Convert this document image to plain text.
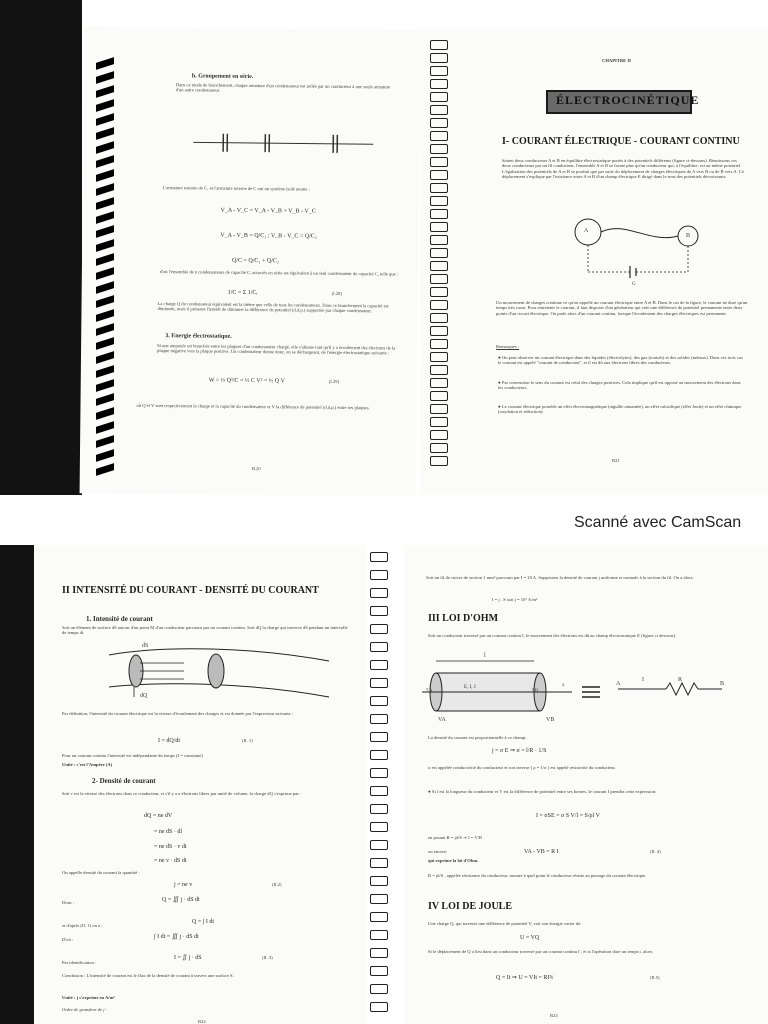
b. Groupement en série.
Dans ce mode de branchement, chaque armature d'un condensateur est reliée par un conducteur à une seule armature d'un autre condensateur.
L'armature externe de C₁ et l'armature interne de C ont un système isolé neutre :
V_A - V_C = V_A - V_B + V_B - V_C
V_A - V_B = Q/C₁ ; V_B - V_C = Q/C₂
Q/C = Q/C₁ + Q/C₂
d'où l'ensemble de n condensateurs de capacité Cᵢ associés en série est équivalent à un seul condensateur de capacité C, telle que :
1/C = Σ 1/Cᵢ	(I.28)
La charge Q du condensateur équivalent est la même que celle de tous les condensateurs. Dans ce branchement la capacité est diminuée, mais il présente l'intérêt de diminuer la différence de potentiel (d.d.p.) supportée par chaque condensateur.
3. Energie électrostatique.
Si une ampoule est branchée entre les plaques d'un condensateur chargé, elle s'allume tant qu'il y a écoulement des électrons de la plaque négative vers la plaque positive. Un condensateur donne donc, en se déchargeant, de l'énergie électrostatique suivante :
W = ½ Q²/C = ½ C V² = ½ Q V	(I.29)
où Q et V sont respectivement la charge et la capacité du condensateur et V la différence de potentiel (d.d.p.) entre ses plaques.
B.20
CHAPITRE II
ÉLECTROCINÉTIQUE
I- COURANT ÉLECTRIQUE - COURANT CONTINU
Soient deux conducteurs A et B en équilibre électrostatique portés à des potentiels différents (figure ci-dessous). Réunissons ces deux conducteurs par un fil conducteur, l'ensemble A et B se forme plus qu'un conducteur qui, à l'équilibre, est au même potentiel. L'égalisation des potentiels de A et B se produit que par suite du déplacement de charges électriques de A vers B ou de B vers A. Ce déplacement s'explique par l'existence entre A et B d'un champ électrique E dirigé dans le sens des potentiels décroissants.
A
B
G
Un mouvement de charges continue ce qu'on appelle un courant électrique entre A et B. Dans le cas de la figure, le courant ne dure qu'un temps très court. Pour entretenir le courant, il faut disposer d'un générateur qui crée une différence de potentiel permanente entre deux points d'un circuit électrique. On parle alors d'un courant continu, lorsque l'écoulement des charges électriques est permanent.
Remarques :
● On peut observer un courant électrique dans des liquides (électrolytes), des gaz (ionisés) et des solides (métaux). Dans ces trois cas le courant est appelé "courant de conduction", et il est dû aux électrons libres des conducteurs.
● Par convention le sens du courant est celui des charges positives. Cela implique qu'il est opposé au mouvement des électrons dans les conducteurs.
● Le courant électrique possède un effet électromagnétique (aiguille aimantée), un effet calorifique (effet Joule) et un effet chimique (oxydation et réduction).
B21
Scanné avec CamScan
II INTENSITÉ DU COURANT - DENSITÉ DU COURANT
1. Intensité de courant
Soit un élément de surface dS autour d'un point M d'un conducteur parcouru par un courant continu. Soit dQ la charge qui traverse dS pendant un intervalle de temps dt.
dS
dQ
Par définition, l'intensité du courant électrique est la vitesse d'écoulement des charges et est donnée par l'expression suivante :
I = dQ/dt	(II. 1)
Pour un courant continu l'intensité est indépendante du temps (I = constante)
Unité : c'est l'Ampère (A)
2- Densité de courant
Soit v est la vitesse des électrons dans ce conducteur, et s'il y a n électrons libres par unité de volume, la charge dQ s'exprime par:
dQ = ne dV
= ne dS · dl
= ne dS · v dt
= ne v · dS dt
On appelle densité du courant la quantité :
j = ne v	(II.2)
Donc :	Q = ∭ j · dS dt
Q = ∫ I dt
et d'après (II. 1) on a :
D'où :	∫ I dt = ∭ j · dS dt
Par identification :
I = ∬ j · dS	(II. 3)
Conclusion : L'intensité de courant est le flux de la densité de courant à travers une surface S.
Unité : j s'exprime en A/m²
Ordre de grandeur de j :
B22
Soit un fil de cuivre de section 1 mm² parcouru par I = 10 A. Supposons la densité de courant j uniforme et normale à la section du fil. On a alors:
I = j . S soit j = 10⁷ A/m²
III LOI D'OHM
Soit un conducteur traversé par un courant continu I, le mouvement des électrons est dû au champ électrostatique E (figure ci dessous).
l
E, I, J	x
ΣA	ΣB
VA	VB
A
I	R
B
La densité du courant est proportionnelle à ce champ:
j = σ E ⇒ σ = l/R · 1/S
σ est appelée conductivité du conducteur et son inverse ( ρ = 1/σ ) est appelé résistivité du conducteur.
● Si l est la longueur du conducteur et V est la différence de potentiel entre ses bornes, le courant I prendra cette expression:
I = σSE = σ S V/l = S/ρl V
en posant R = ρl/S ⇒ I = V/R
ou encore:	VA - VB = R I	(II. 4)
qui exprime la loi d'Ohm.
R = ρl/S , appelée résistance du conducteur, montre à quel point le conducteur résiste au passage du courant électrique.
IV LOI DE JOULE
Une charge Q, qui traverse une différence de potentiel V, voit son énergie varier de:
U = VQ
Si le déplacement de Q a lieu dans un conducteur traversé par un courant continu I , et si l'opération dure un temps t, alors:
Q = It ⇒ U = VIt = RI²t	(II.5)
B23
